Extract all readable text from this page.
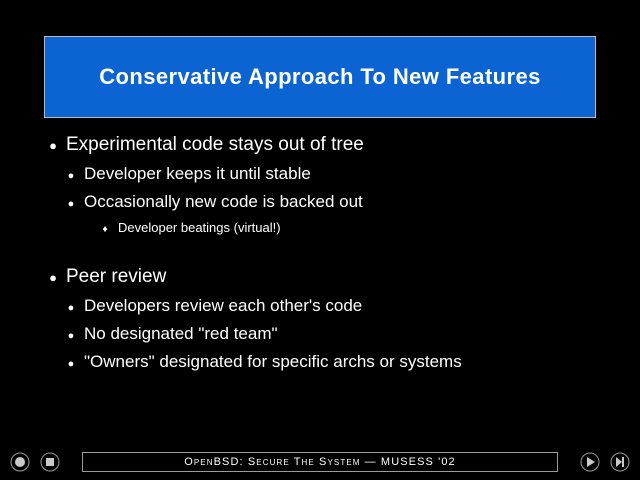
Conservative Approach To New Features
● Experimental code stays out of tree
● Developer keeps it until stable
● Occasionally new code is backed out
♦ Developer beatings (virtual!)
● Peer review
● Developers review each other's code
● No designated "red team"
● "Owners" designated for specific archs or systems
OpenBSD: Secure The System — MUSESS '02
